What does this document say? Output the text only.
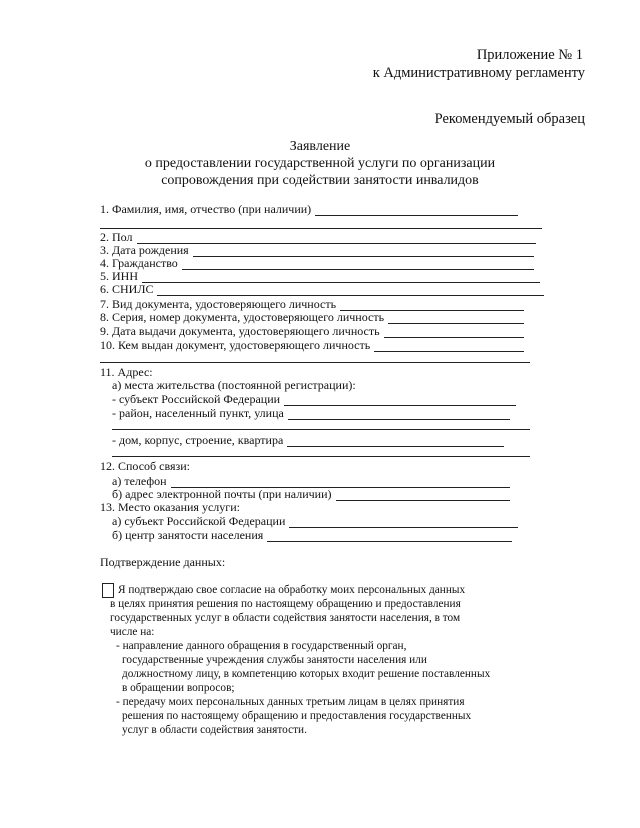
Приложение № 1
к Административному регламенту
Рекомендуемый образец
Заявление
о предоставлении государственной услуги по организации
сопровождения при содействии занятости инвалидов
1. Фамилия, имя, отчество (при наличии)
2. Пол
3. Дата рождения
4. Гражданство
5. ИНН
6. СНИЛС
7. Вид документа, удостоверяющего личность
8. Серия, номер документа, удостоверяющего личность
9. Дата выдачи документа, удостоверяющего личность
10. Кем выдан документ, удостоверяющего личность
11. Адрес:
а) места жительства (постоянной регистрации):
- субъект Российской Федерации
- район, населенный пункт, улица
- дом, корпус, строение, квартира
12. Способ связи:
а) телефон
б) адрес электронной почты (при наличии)
13. Место оказания услуги:
а) субъект Российской Федерации
б) центр занятости населения
Подтверждение данных:
Я подтверждаю свое согласие на обработку моих персональных данных
в целях принятия решения по настоящему обращению и предоставления
государственных услуг в области содействия занятости населения, в том
числе на:
- направление данного обращения в государственный орган,
государственные учреждения службы занятости населения или
должностному лицу, в компетенцию которых входит решение поставленных
в обращении вопросов;
- передачу моих персональных данных третьим лицам в целях принятия
решения по настоящему обращению и предоставления государственных
услуг в области содействия занятости.
